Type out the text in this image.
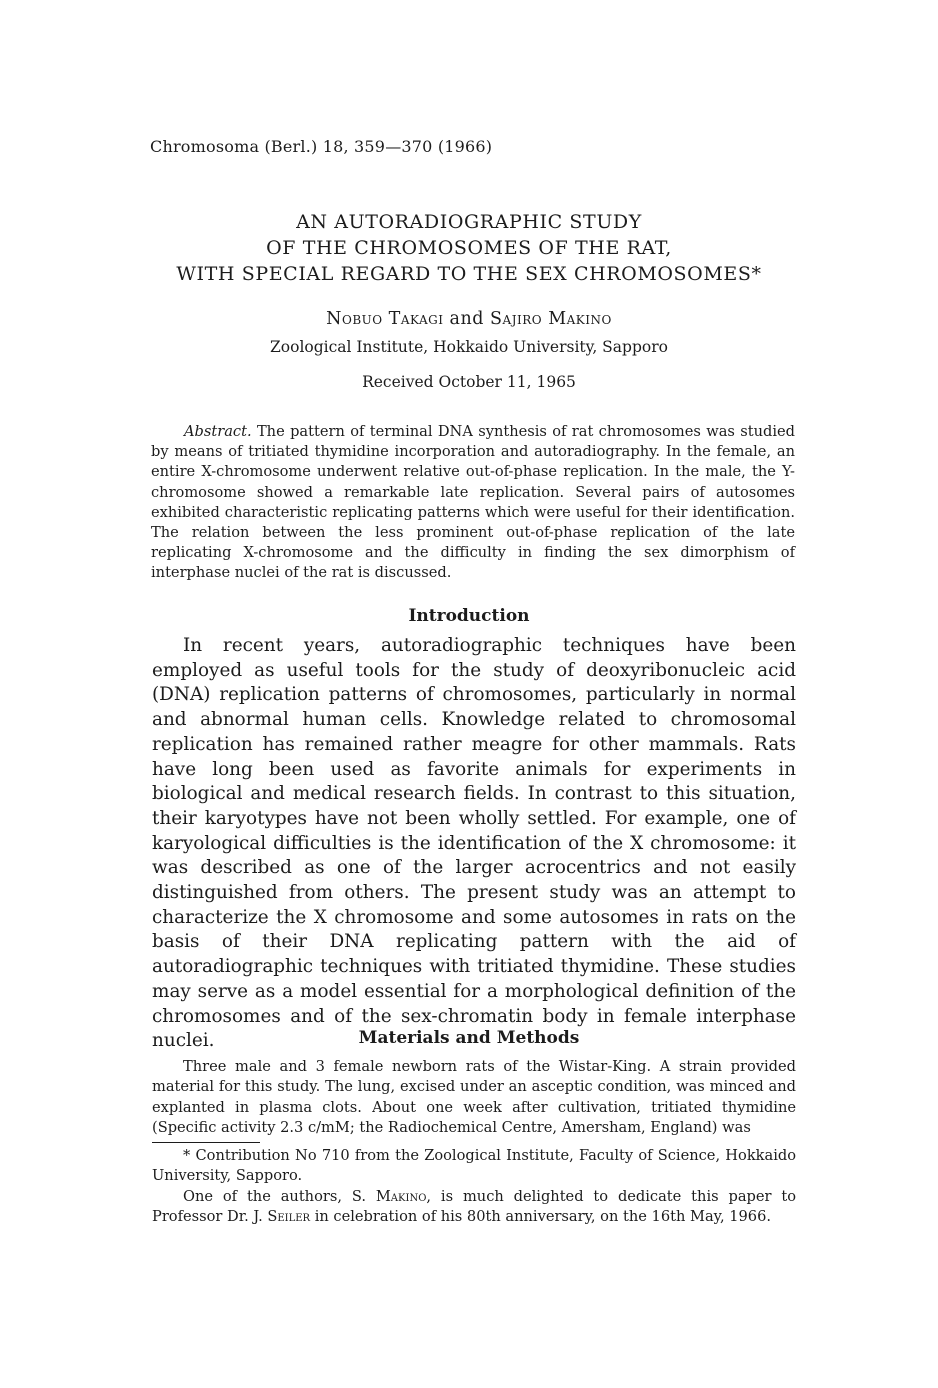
Chromosoma (Berl.) 18, 359—370 (1966)
AN AUTORADIOGRAPHIC STUDY
OF THE CHROMOSOMES OF THE RAT,
WITH SPECIAL REGARD TO THE SEX CHROMOSOMES*
Nobuo Takagi and Sajiro Makino
Zoological Institute, Hokkaido University, Sapporo
Received October 11, 1965
Abstract. The pattern of terminal DNA synthesis of rat chromosomes was studied by means of tritiated thymidine incorporation and autoradiography. In the female, an entire X-chromosome underwent relative out-of-phase replication. In the male, the Y-chromosome showed a remarkable late replication. Several pairs of autosomes exhibited characteristic replicating patterns which were useful for their identification. The relation between the less prominent out-of-phase replication of the late replicating X-chromosome and the difficulty in finding the sex dimorphism of interphase nuclei of the rat is discussed.
Introduction
In recent years, autoradiographic techniques have been employed as useful tools for the study of deoxyribonucleic acid (DNA) replication patterns of chromosomes, particularly in normal and abnormal human cells. Knowledge related to chromosomal replication has remained rather meagre for other mammals. Rats have long been used as favorite animals for experiments in biological and medical research fields. In contrast to this situation, their karyotypes have not been wholly settled. For example, one of karyological difficulties is the identification of the X chromosome: it was described as one of the larger acrocentrics and not easily distinguished from others. The present study was an attempt to characterize the X chromosome and some autosomes in rats on the basis of their DNA replicating pattern with the aid of autoradiographic techniques with tritiated thymidine. These studies may serve as a model essential for a morphological definition of the chromosomes and of the sex-chromatin body in female interphase nuclei.	Materials and Methods
Three male and 3 female newborn rats of the Wistar-King. A strain provided material for this study. The lung, excised under an asceptic condition, was minced and explanted in plasma clots. About one week after cultivation, tritiated thymidine (Specific activity 2.3 c/mM; the Radiochemical Centre, Amersham, England) was

* Contribution No 710 from the Zoological Institute, Faculty of Science, Hokkaido University, Sapporo.

One of the authors, S. Makino, is much delighted to dedicate this paper to Professor Dr. J. Seiler in celebration of his 80th anniversary, on the 16th May, 1966.
